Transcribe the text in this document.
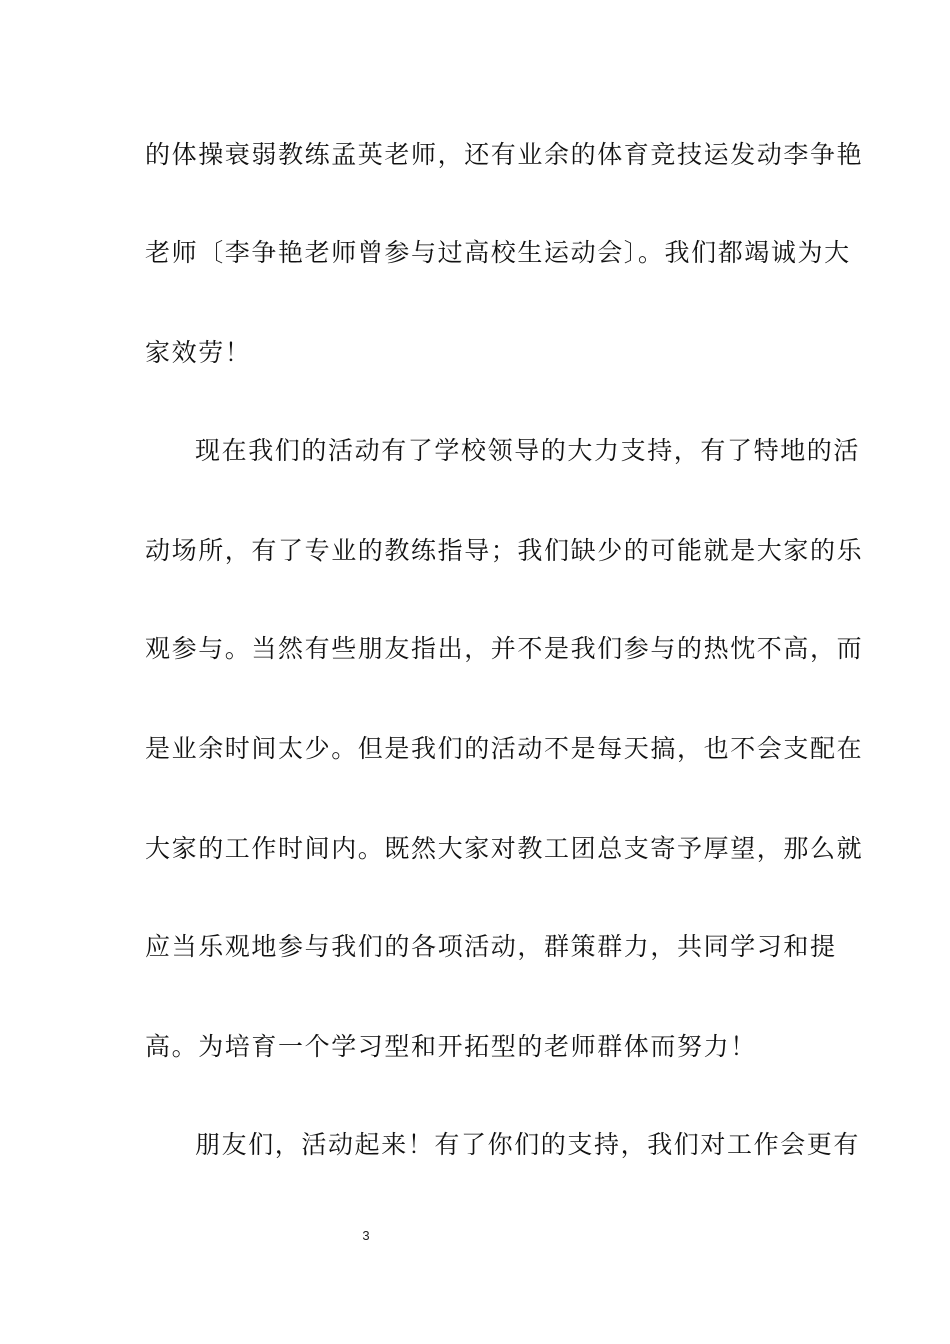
的体操衰弱教练孟英老师，还有业余的体育竞技运发动李争艳
老师〔李争艳老师曾参与过高校生运动会〕。我们都竭诚为大
家效劳！
现在我们的活动有了学校领导的大力支持，有了特地的活
动场所，有了专业的教练指导；我们缺少的可能就是大家的乐
观参与。当然有些朋友指出，并不是我们参与的热忱不高，而
是业余时间太少。但是我们的活动不是每天搞，也不会支配在
大家的工作时间内。既然大家对教工团总支寄予厚望，那么就
应当乐观地参与我们的各项活动，群策群力，共同学习和提
高。为培育一个学习型和开拓型的老师群体而努力！
朋友们，活动起来！有了你们的支持，我们对工作会更有
3
